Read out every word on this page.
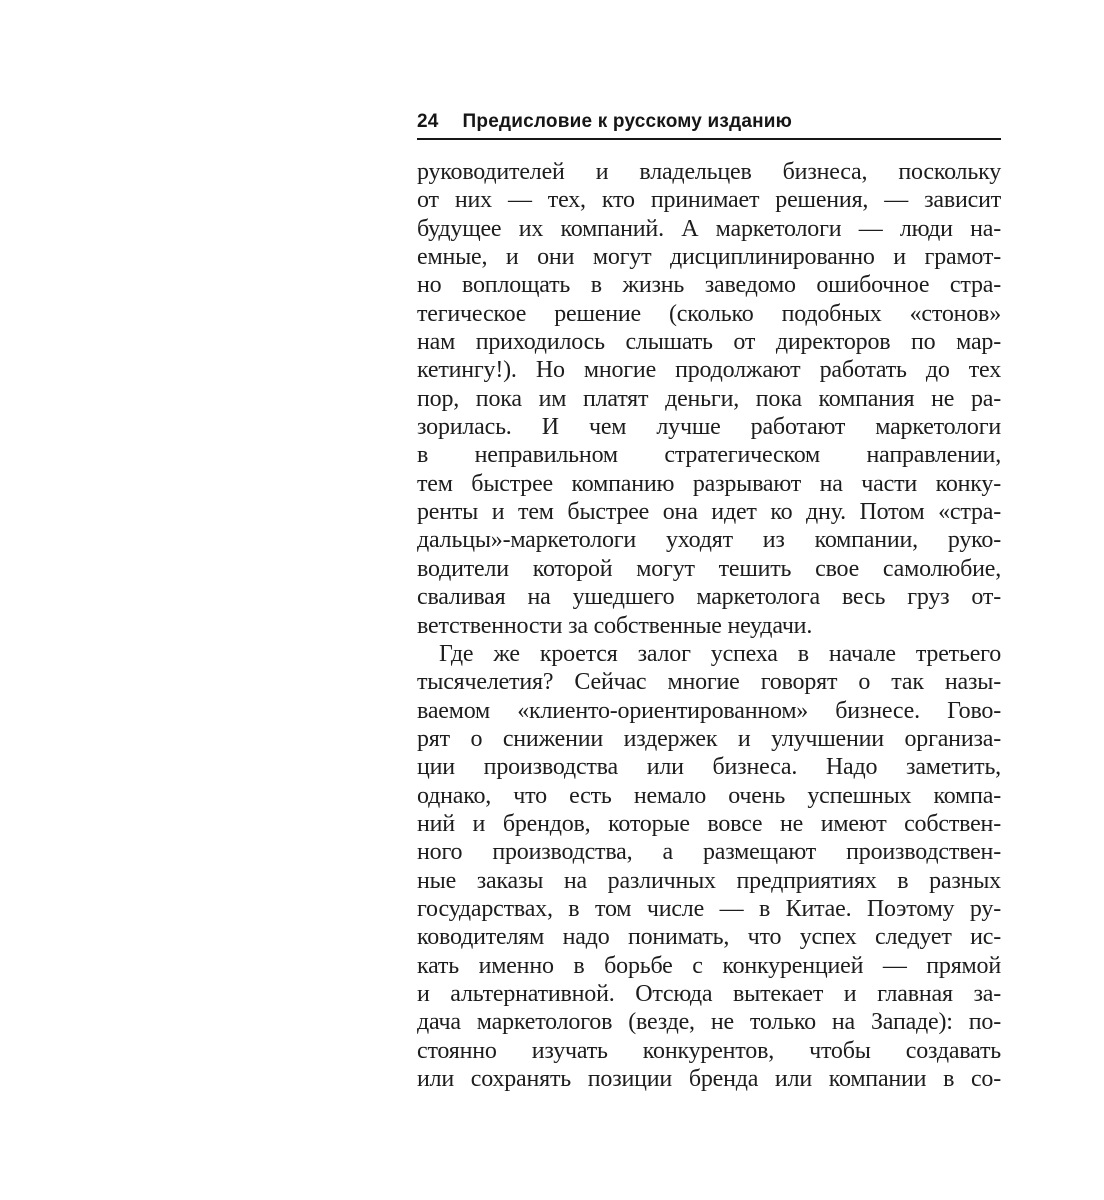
24 Предисловие к русскому изданию
руководителей и владельцев бизнеса, поскольку
от них — тех, кто принимает решения, — зависит
будущее их компаний. А маркетологи — люди на-
емные, и они могут дисциплинированно и грамот-
но воплощать в жизнь заведомо ошибочное стра-
тегическое решение (сколько подобных «стонов»
нам приходилось слышать от директоров по мар-
кетингу!). Но многие продолжают работать до тех
пор, пока им платят деньги, пока компания не ра-
зорилась. И чем лучше работают маркетологи
в неправильном стратегическом направлении,
тем быстрее компанию разрывают на части конку-
ренты и тем быстрее она идет ко дну. Потом «стра-
дальцы»-маркетологи уходят из компании, руко-
водители которой могут тешить свое самолюбие,
сваливая на ушедшего маркетолога весь груз от-
ветственности за собственные неудачи.
Где же кроется залог успеха в начале третьего
тысячелетия? Сейчас многие говорят о так назы-
ваемом «клиенто-ориентированном» бизнесе. Гово-
рят о снижении издержек и улучшении организа-
ции производства или бизнеса. Надо заметить,
однако, что есть немало очень успешных компа-
ний и брендов, которые вовсе не имеют собствен-
ного производства, а размещают производствен-
ные заказы на различных предприятиях в разных
государствах, в том числе — в Китае. Поэтому ру-
ководителям надо понимать, что успех следует ис-
кать именно в борьбе с конкуренцией — прямой
и альтернативной. Отсюда вытекает и главная за-
дача маркетологов (везде, не только на Западе): по-
стоянно изучать конкурентов, чтобы создавать
или сохранять позиции бренда или компании в со-
